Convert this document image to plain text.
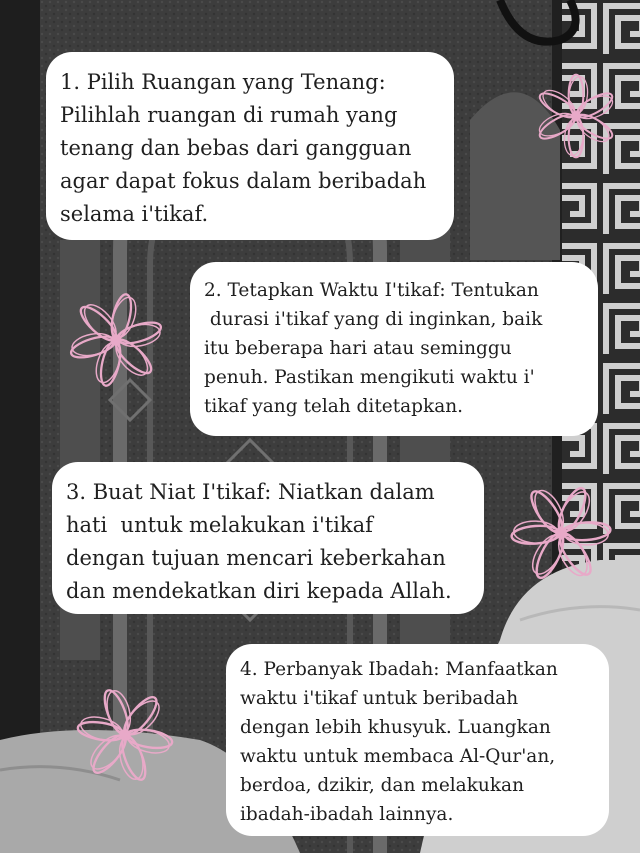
1. Pilih Ruangan yang Tenang:
Pilihlah ruangan di rumah yang
tenang dan bebas dari gangguan
agar dapat fokus dalam beribadah
selama i'tikaf.
2. Tetapkan Waktu I'tikaf: Tentukan
durasi i'tikaf yang di inginkan, baik
itu beberapa hari atau seminggu
penuh. Pastikan mengikuti waktu i'
tikaf yang telah ditetapkan.
3. Buat Niat I'tikaf: Niatkan dalam
hati  untuk melakukan i'tikaf
dengan tujuan mencari keberkahan
dan mendekatkan diri kepada Allah.
4. Perbanyak Ibadah: Manfaatkan
waktu i'tikaf untuk beribadah
dengan lebih khusyuk. Luangkan
waktu untuk membaca Al-Qur'an,
berdoa, dzikir, dan melakukan
ibadah-ibadah lainnya.
